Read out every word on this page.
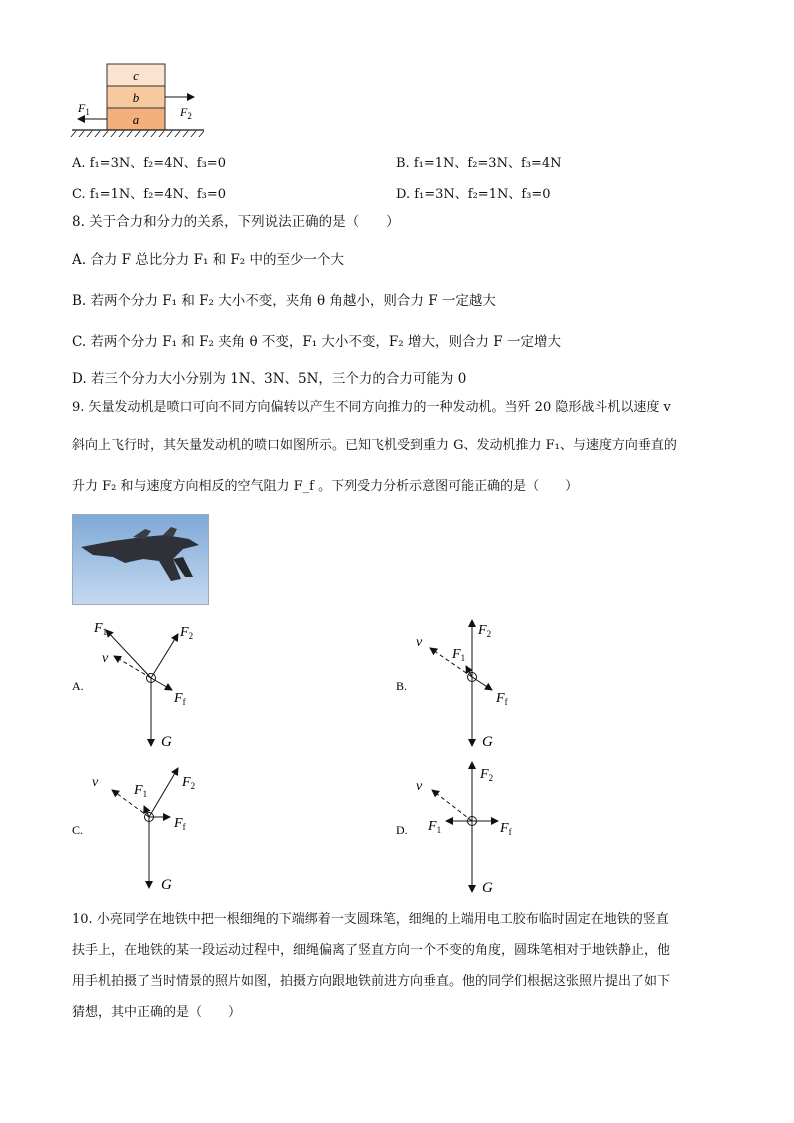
c
b
a	$F_2$
$F_1$
A. f₁=3N、f₂=4N、f₃=0	B. f₁=1N、f₂=3N、f₃=4N
C. f₁=1N、f₂=4N、f₃=0	D. f₁=3N、f₂=1N、f₃=0
8. 关于合力和分力的关系，下列说法正确的是（　　）
A. 合力 F 总比分力 F₁ 和 F₂ 中的至少一个大
B. 若两个分力 F₁ 和 F₂ 大小不变，夹角 θ 角越小，则合力 F 一定越大
C. 若两个分力 F₁ 和 F₂ 夹角 θ 不变，F₁ 大小不变，F₂ 增大，则合力 F 一定增大
D. 若三个分力大小分别为 1N、3N、5N，三个力的合力可能为 0
9. 矢量发动机是喷口可向不同方向偏转以产生不同方向推力的一种发动机。当歼 20 隐形战斗机以速度 v
斜向上飞行时，其矢量发动机的喷口如图所示。已知飞机受到重力 G、发动机推力 F₁、与速度方向垂直的
升力 F₂ 和与速度方向相反的空气阻力 F_f 。下列受力分析示意图可能正确的是（　　）
A.
G
$F_1$	$F_2$
v
$F_f$
C.
G
$F_2$
$F_1$
v
$F_f$
B.
G
$F_2$
$F_1$
v
$F_f$
D.
G
$F_2$
$F_1$	$F_f$
v
10. 小亮同学在地铁中把一根细绳的下端绑着一支圆珠笔，细绳的上端用电工胶布临时固定在地铁的竖直
扶手上，在地铁的某一段运动过程中，细绳偏离了竖直方向一个不变的角度，圆珠笔相对于地铁静止，他
用手机拍摄了当时情景的照片如图，拍摄方向跟地铁前进方向垂直。他的同学们根据这张照片提出了如下
猜想，其中正确的是（　　）
